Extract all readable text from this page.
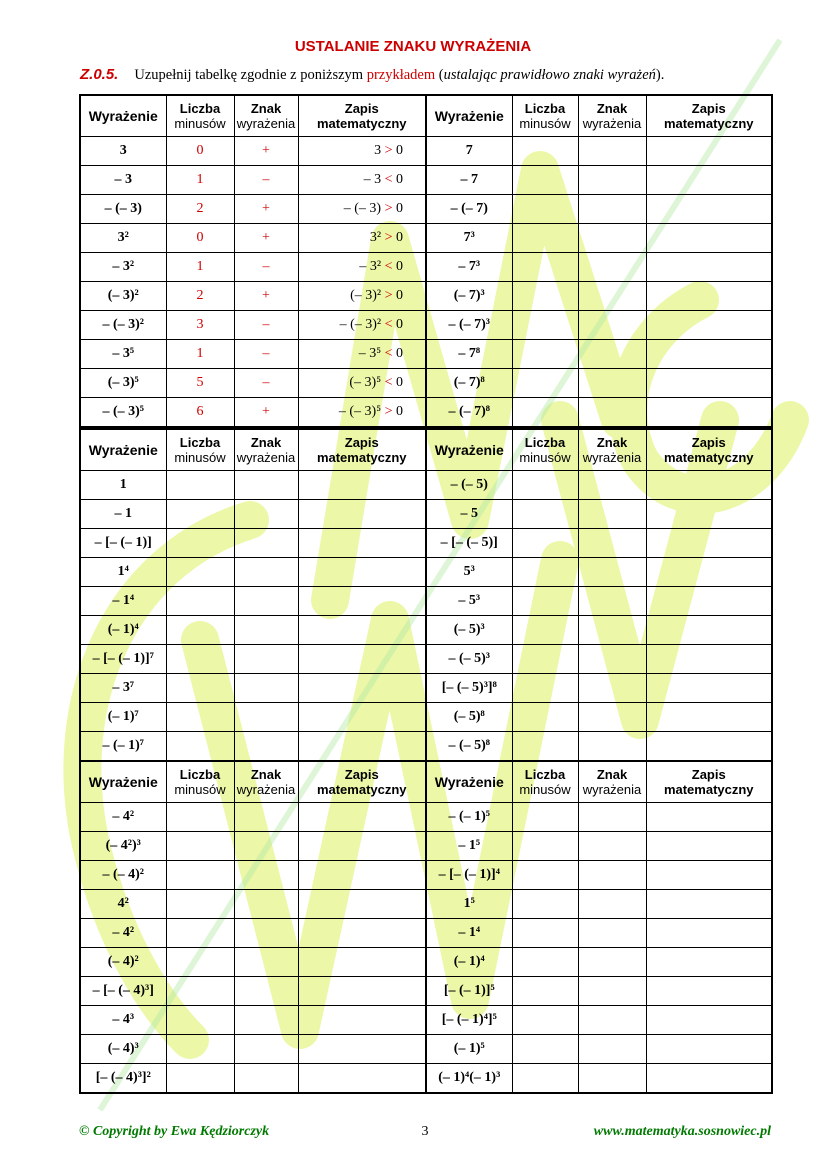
USTALANIE ZNAKU WYRAŻENIA
Z.0.5. Uzupełnij tabelkę zgodnie z poniższym przykładem (ustalając prawidłowo znaki wyrażeń).
Wyrażenie	Liczba
minusów	Znak
wyrażenia	Zapis
matematyczny	Wyrażenie	Liczba
minusów	Znak
wyrażenia	Zapis
matematyczny
3	0	+	3 > 0	7			
– 3	1	–	– 3 < 0	– 7			
– (– 3)	2	+	– (– 3) > 0	– (– 7)			
3²	0	+	3² > 0	7³			
– 3²	1	–	– 3² < 0	– 7³			
(– 3)²	2	+	(– 3)² > 0	(– 7)³			
– (– 3)²	3	–	– (– 3)² < 0	– (– 7)³			
– 3⁵	1	–	– 3⁵ < 0	– 7⁸			
(– 3)⁵	5	–	(– 3)⁵ < 0	(– 7)⁸			
– (– 3)⁵	6	+	– (– 3)⁵ > 0	– (– 7)⁸			
Wyrażenie	Liczba
minusów	Znak
wyrażenia	Zapis
matematyczny	Wyrażenie	Liczba
minusów	Znak
wyrażenia	Zapis
matematyczny
1				– (– 5)			
– 1				– 5			
– [– (– 1)]				– [– (– 5)]			
1⁴				5³			
– 1⁴				– 5³			
(– 1)⁴				(– 5)³			
– [– (– 1)]⁷				– (– 5)³			
– 3⁷				[– (– 5)³]⁸			
(– 1)⁷				(– 5)⁸			
– (– 1)⁷				– (– 5)⁸			
Wyrażenie	Liczba
minusów	Znak
wyrażenia	Zapis
matematyczny	Wyrażenie	Liczba
minusów	Znak
wyrażenia	Zapis
matematyczny
– 4²				– (– 1)⁵			
(– 4²)³				– 1⁵			
– (– 4)²				– [– (– 1)]⁴			
4²				1⁵			
– 4²				– 1⁴			
(– 4)²				(– 1)⁴			
– [– (– 4)³]				[– (– 1)]⁵			
– 4³				[– (– 1)⁴]⁵			
(– 4)³				(– 1)⁵			
[– (– 4)³]²				(– 1)⁴(– 1)³			
© Copyright by Ewa Kędziorczyk	3	www.matematyka.sosnowiec.pl
